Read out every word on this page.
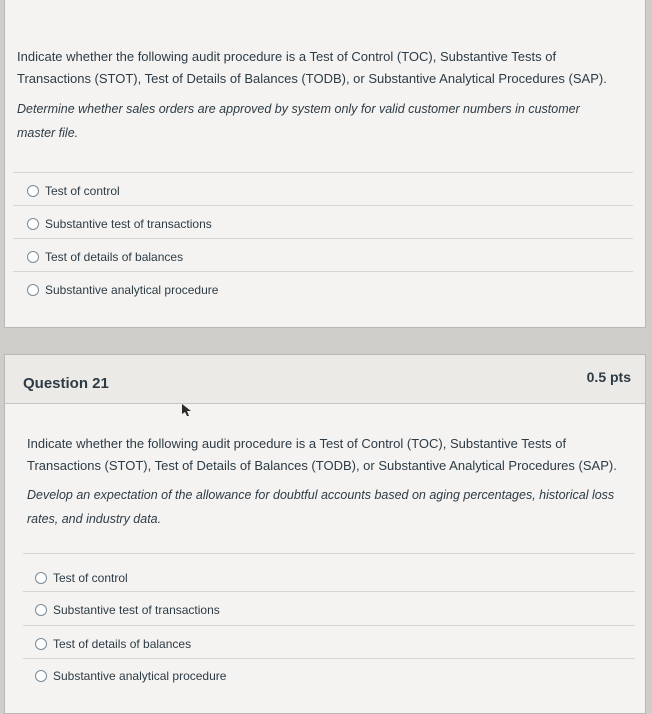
Indicate whether the following audit procedure is a Test of Control (TOC), Substantive Tests of Transactions (STOT), Test of Details of Balances (TODB), or Substantive Analytical Procedures (SAP).
Determine whether sales orders are approved by system only for valid customer numbers in customer master file.
Test of control
Substantive test of transactions
Test of details of balances
Substantive analytical procedure
Question 21	0.5 pts
Indicate whether the following audit procedure is a Test of Control (TOC), Substantive Tests of Transactions (STOT), Test of Details of Balances (TODB), or Substantive Analytical Procedures (SAP).
Develop an expectation of the allowance for doubtful accounts based on aging percentages, historical loss rates, and industry data.
Test of control
Substantive test of transactions
Test of details of balances
Substantive analytical procedure
